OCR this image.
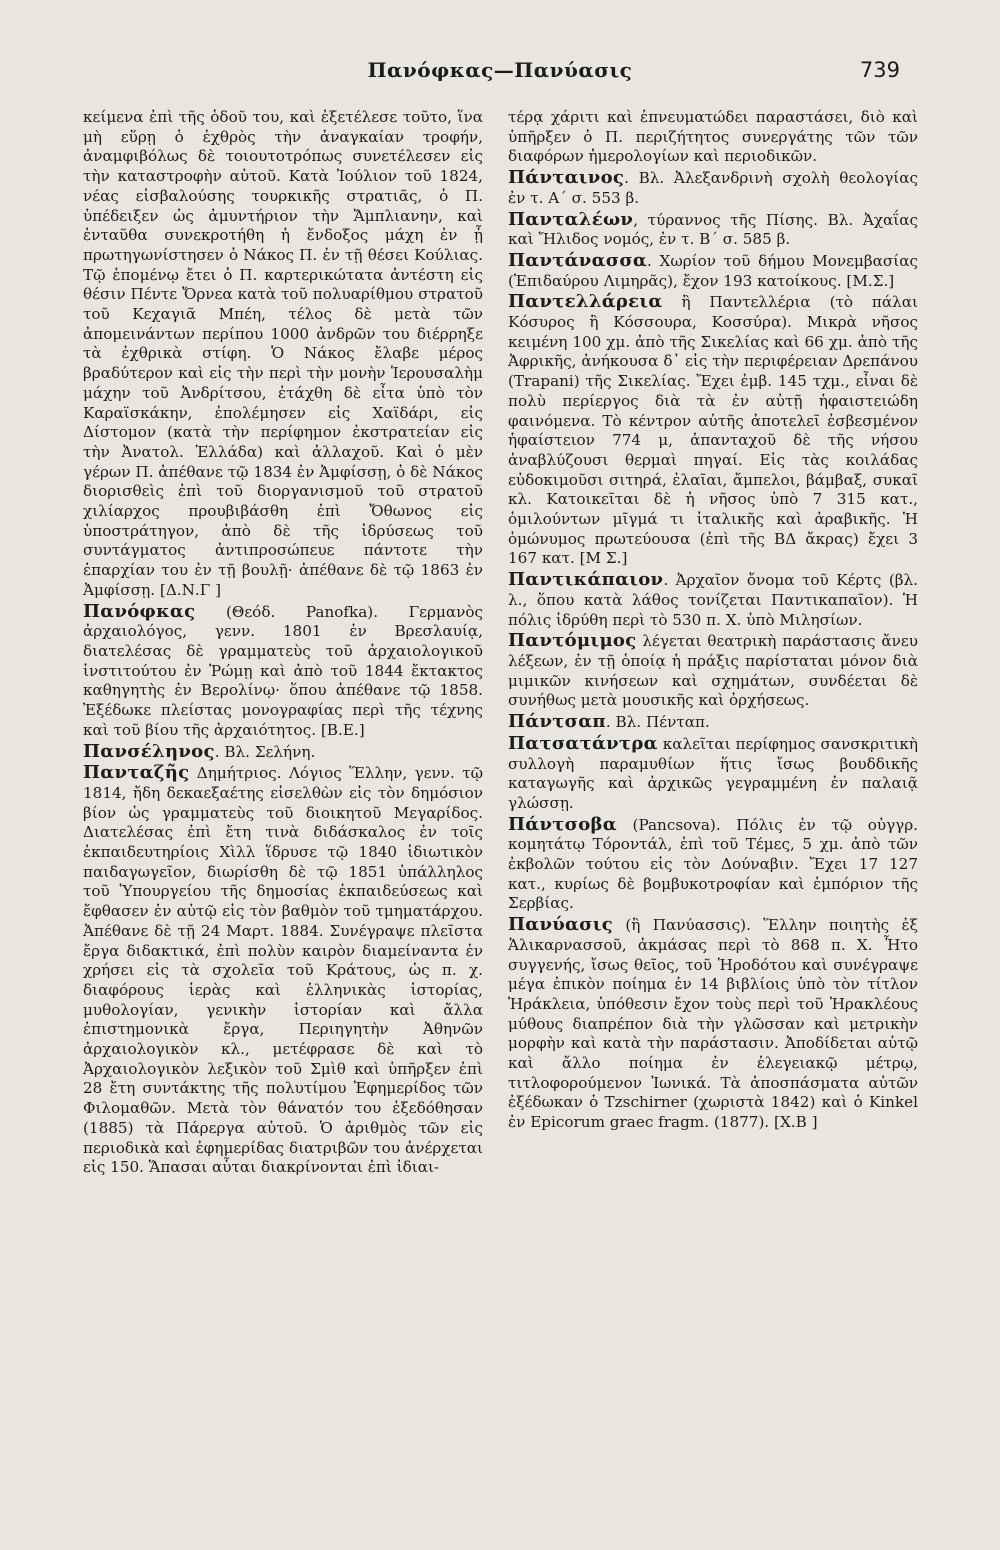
Πανόφκας—Πανύασις	739

κείμενα ἐπὶ τῆς ὁδοῦ του, καὶ ἐξετέλεσε τοῦτο, ἵνα μὴ εὕρῃ ὁ ἐχθρὸς τὴν ἀναγκαίαν τροφήν, ἀναμφιβόλως δὲ τοιουτοτρόπως συνετέλεσεν εἰς τὴν καταστροφὴν αὐτοῦ. Κατὰ Ἰούλιον τοῦ 1824, νέας εἰσβαλούσης τουρκικῆς στρατιᾶς, ὁ Π. ὑπέδειξεν ὡς ἀμυντήριον τὴν Ἄμπλιανην, καὶ ἐνταῦθα συνεκροτήθη ἡ ἔνδοξος μάχη ἐν ᾗ πρωτηγωνίστησεν ὁ Νάκος Π. ἐν τῇ θέσει Κούλιας. Τῷ ἑπομένῳ ἔτει ὁ Π. καρτερικώτατα ἀντέστη εἰς θέσιν Πέντε Ὄρνεα κατὰ τοῦ πολυαρίθμου στρατοῦ τοῦ Κεχαγιᾶ Μπέη, τέλος δὲ μετὰ τῶν ἀπομεινάντων περίπου 1000 ἀνδρῶν του διέρρηξε τὰ ἐχθρικὰ στίφη. Ὁ Νάκος ἔλαβε μέρος βραδύτερον καὶ εἰς τὴν περὶ τὴν μονὴν Ἱερουσαλὴμ μάχην τοῦ Ἀνδρίτσου, ἐτάχθη δὲ εἶτα ὑπὸ τὸν Καραϊσκάκην, ἐπολέμησεν εἰς Χαϊδάρι, εἰς Δίστομον (κατὰ τὴν περίφημον ἐκστρατείαν εἰς τὴν Ἀνατολ. Ἑλλάδα) καὶ ἀλλαχοῦ. Καὶ ὁ μὲν γέρων Π. ἀπέθανε τῷ 1834 ἐν Ἀμφίσσῃ, ὁ δὲ Νάκος διορισθεὶς ἐπὶ τοῦ διοργανισμοῦ τοῦ στρατοῦ χιλίαρχος προυβιβάσθη ἐπὶ Ὄθωνος εἰς ὑποστράτηγον, ἀπὸ δὲ τῆς ἱδρύσεως τοῦ συντάγματος ἀντιπροσώπευε πάντοτε τὴν ἐπαρχίαν του ἐν τῇ βουλῇ· ἀπέθανε δὲ τῷ 1863 ἐν Ἀμφίσσῃ. [Δ.Ν.Γ ]

Πανόφκας (Θεόδ. Panofka). Γερμανὸς ἀρχαιολόγος, γενν. 1801 ἐν Βρεσλαυίᾳ, διατελέσας δὲ γραμματεὺς τοῦ ἀρχαιολογικοῦ ἰνστιτούτου ἐν Ῥώμῃ καὶ ἀπὸ τοῦ 1844 ἔκτακτος καθηγητὴς ἐν Βερολίνῳ· ὅπου ἀπέθανε τῷ 1858. Ἐξέδωκε πλείστας μονογραφίας περὶ τῆς τέχνης καὶ τοῦ βίου τῆς ἀρχαιότητος. [Β.Ε.]

Πανσέληνος. Βλ. Σελήνη.

Πανταζῆς Δημήτριος. Λόγιος Ἕλλην, γενν. τῷ 1814, ἤδη δεκαεξαέτης εἰσελθὼν εἰς τὸν δημόσιον βίον ὡς γραμματεὺς τοῦ διοικητοῦ Μεγαρίδος. Διατελέσας ἐπὶ ἔτη τινὰ διδάσκαλος ἐν τοῖς ἐκπαιδευτηρίοις Χὶλλ ἵδρυσε τῷ 1840 ἰδιωτικὸν παιδαγωγεῖον, διωρίσθη δὲ τῷ 1851 ὑπάλληλος τοῦ Ὑπουργείου τῆς δημοσίας ἐκπαιδεύσεως καὶ ἔφθασεν ἐν αὐτῷ εἰς τὸν βαθμὸν τοῦ τμηματάρχου. Ἀπέθανε δὲ τῇ 24 Μαρτ. 1884. Συνέγραψε πλεῖστα ἔργα διδακτικά, ἐπὶ πολὺν καιρὸν διαμείναντα ἐν χρήσει εἰς τὰ σχολεῖα τοῦ Κράτους, ὡς π. χ. διαφόρους ἱερὰς καὶ ἑλληνικὰς ἱστορίας, μυθολογίαν, γενικὴν ἱστορίαν καὶ ἄλλα ἐπιστημονικὰ ἔργα, Περιηγητὴν Ἀθηνῶν ἀρχαιολογικὸν κλ., μετέφρασε δὲ καὶ τὸ Ἀρχαιολογικὸν λεξικὸν τοῦ Σμὶθ καὶ ὑπῆρξεν ἐπὶ 28 ἔτη συντάκτης τῆς πολυτίμου Ἐφημερίδος τῶν Φιλομαθῶν. Μετὰ τὸν θάνατόν του ἐξεδόθησαν (1885) τὰ Πάρεργα αὐτοῦ. Ὁ ἀριθμὸς τῶν εἰς περιοδικὰ καὶ ἐφημερίδας διατριβῶν του ἀνέρχεται εἰς 150. Ἅπασαι αὗται διακρίνονται ἐπὶ ἰδιαι-

τέρᾳ χάριτι καὶ ἐπνευματώδει παραστάσει, διὸ καὶ ὑπῆρξεν ὁ Π. περιζήτητος συνεργάτης τῶν τῶν διαφόρων ἡμερολογίων καὶ περιοδικῶν.

Πάνταινος. Βλ. Ἀλεξανδρινὴ σχολὴ θεολογίας ἐν τ. Α΄ σ. 553 β.

Πανταλέων, τύραννος τῆς Πίσης. Βλ. Ἀχαΐας καὶ Ἤλιδος νομός, ἐν τ. Β΄ σ. 585 β.

Παντάνασσα. Χωρίον τοῦ δήμου Μονεμβασίας (Ἐπιδαύρου Λιμηρᾶς), ἔχον 193 κατοίκους. [Μ.Σ.]

Παντελλάρεια ἢ Παντελλέρια (τὸ πάλαι Κόσυρος ἢ Κόσσουρα, Κοσσύρα). Μικρὰ νῆσος κειμένη 100 χμ. ἀπὸ τῆς Σικελίας καὶ 66 χμ. ἀπὸ τῆς Ἀφρικῆς, ἀνήκουσα δ᾿ εἰς τὴν περιφέρειαν Δρεπάνου (Trapani) τῆς Σικελίας. Ἔχει ἐμβ. 145 τχμ., εἶναι δὲ πολὺ περίεργος διὰ τὰ ἐν αὐτῇ ἡφαιστειώδη φαινόμενα. Τὸ κέντρον αὐτῆς ἀποτελεῖ ἐσβεσμένον ἡφαίστειον 774 μ, ἁπανταχοῦ δὲ τῆς νήσου ἀναβλύζουσι θερμαὶ πηγαί. Εἰς τὰς κοιλάδας εὐδοκιμοῦσι σιτηρά, ἐλαῖαι, ἄμπελοι, βάμβαξ, συκαῖ κλ. Κατοικεῖται δὲ ἡ νῆσος ὑπὸ 7 315 κατ., ὁμιλούντων μῖγμά τι ἰταλικῆς καὶ ἀραβικῆς. Ἡ ὁμώνυμος πρωτεύουσα (ἐπὶ τῆς ΒΔ ἄκρας) ἔχει 3 167 κατ. [Μ Σ.]

Παντικάπαιον. Ἀρχαῖον ὄνομα τοῦ Κέρτς (βλ. λ., ὅπου κατὰ λάθος τονίζεται Παντικαπαῖον). Ἡ πόλις ἱδρύθη περὶ τὸ 530 π. Χ. ὑπὸ Μιλησίων.

Παντόμιμος λέγεται θεατρικὴ παράστασις ἄνευ λέξεων, ἐν τῇ ὁποίᾳ ἡ πράξις παρίσταται μόνον διὰ μιμικῶν κινήσεων καὶ σχημάτων, συνδέεται δὲ συνήθως μετὰ μουσικῆς καὶ ὀρχήσεως.

Πάντσαπ. Βλ. Πένταπ.

Πατσατάντρα καλεῖται περίφημος σανσκριτικὴ συλλογὴ παραμυθίων ἥτις ἴσως βουδδικῆς καταγωγῆς καὶ ἀρχικῶς γεγραμμένη ἐν παλαιᾷ γλώσσῃ.

Πάντσοβα (Pancsova). Πόλις ἐν τῷ οὐγγρ. κομητάτῳ Τόροντάλ, ἐπὶ τοῦ Τέμες, 5 χμ. ἀπὸ τῶν ἐκβολῶν τούτου εἰς τὸν Δούναβιν. Ἔχει 17 127 κατ., κυρίως δὲ βομβυκοτροφίαν καὶ ἐμπόριον τῆς Σερβίας.

Πανύασις (ἢ Πανύασσις). Ἕλλην ποιητὴς ἐξ Ἁλικαρνασσοῦ, ἀκμάσας περὶ τὸ 868 π. Χ. Ἦτο συγγενής, ἴσως θεῖος, τοῦ Ἡροδότου καὶ συνέγραψε μέγα ἐπικὸν ποίημα ἐν 14 βιβλίοις ὑπὸ τὸν τίτλον Ἡράκλεια, ὑπόθεσιν ἔχον τοὺς περὶ τοῦ Ἡρακλέους μύθους διαπρέπον διὰ τὴν γλῶσσαν καὶ μετρικὴν μορφὴν καὶ κατὰ τὴν παράστασιν. Ἀποδίδεται αὐτῷ καὶ ἄλλο ποίημα ἐν ἐλεγειακῷ μέτρῳ, τιτλοφορούμενον Ἰωνικά. Τὰ ἀποσπάσματα αὐτῶν ἐξέδωκαν ὁ Tzschirner (χωριστὰ 1842) καὶ ὁ Kinkel ἐν Epicorum graec fragm. (1877). [Χ.Β ]
